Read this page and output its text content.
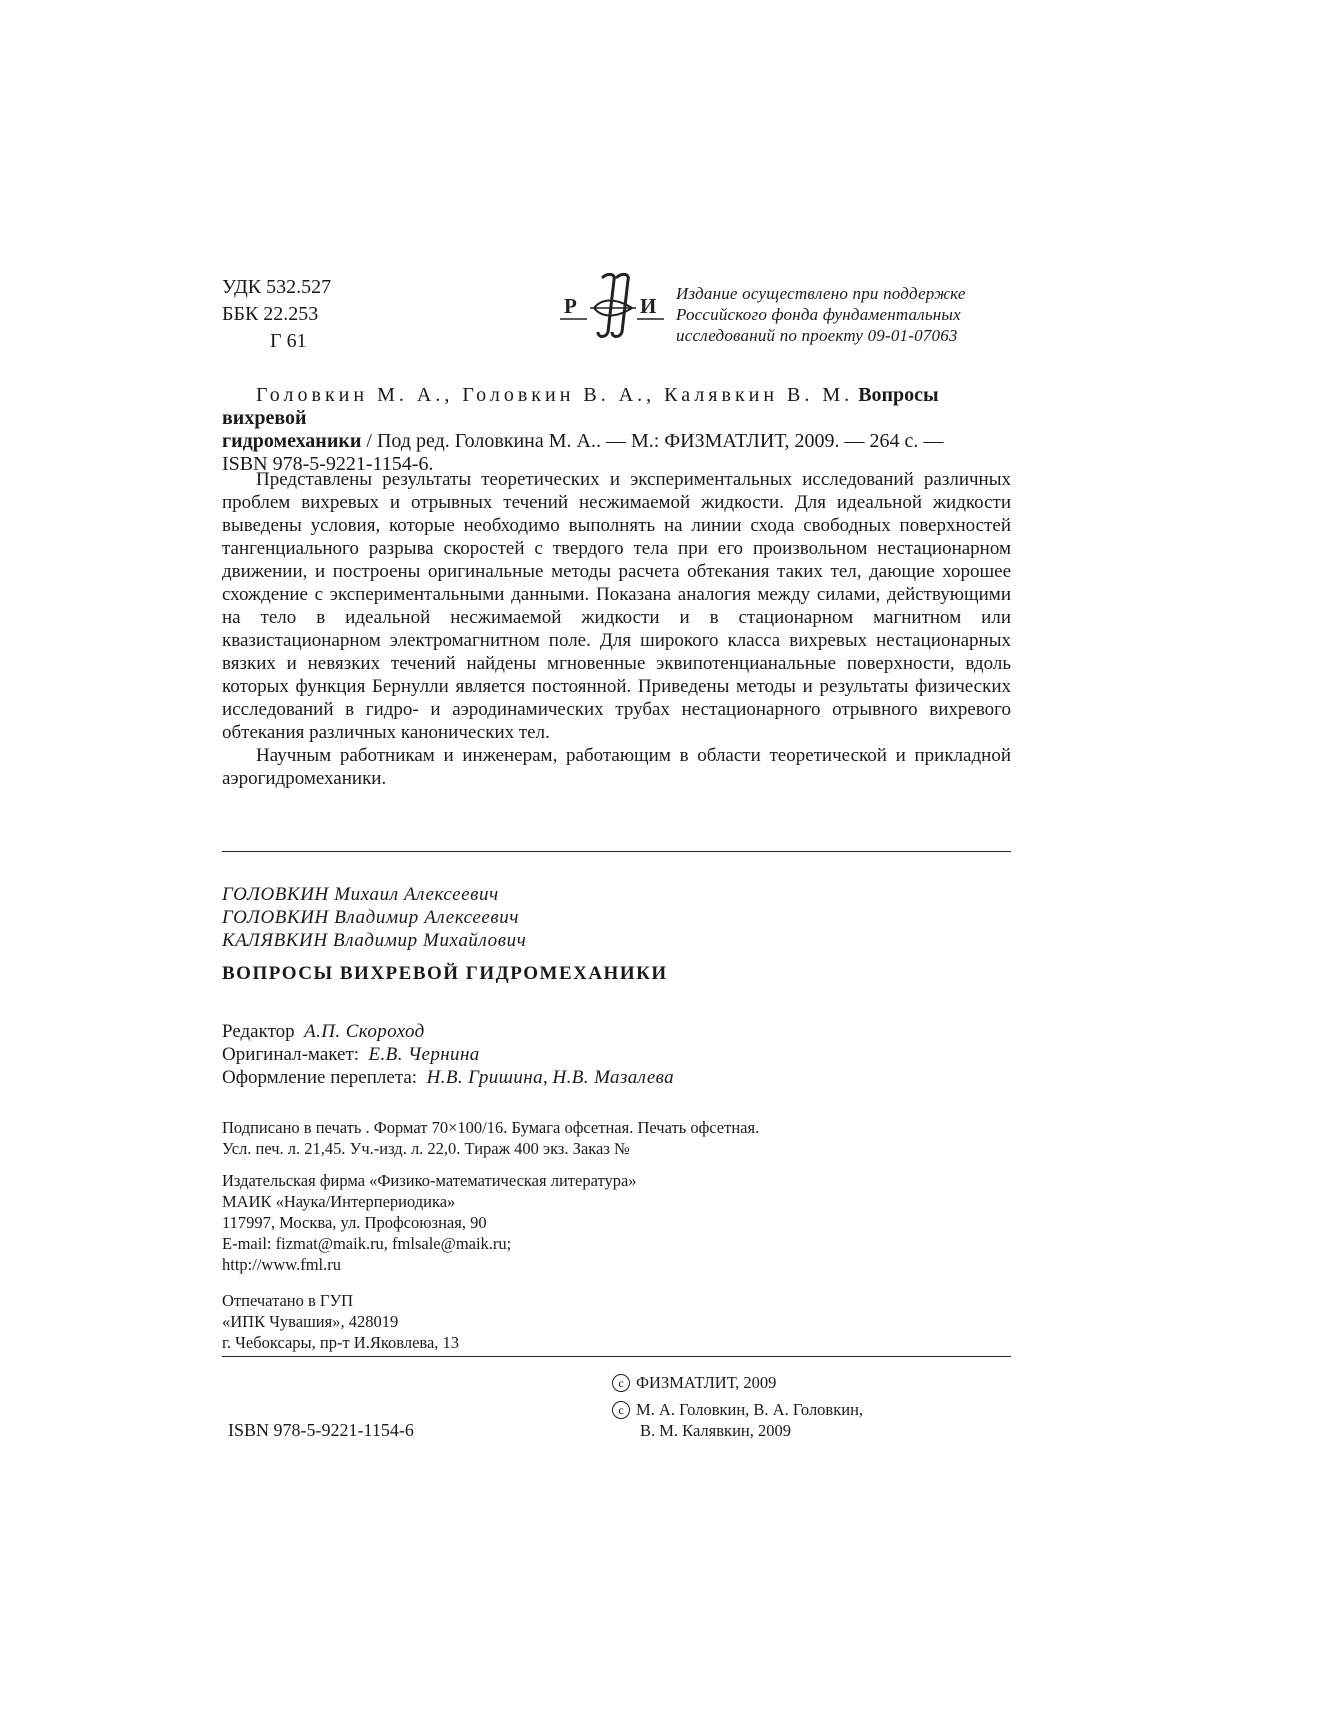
УДК 532.527
ББК 22.253
Г 61
Р	И
Издание осуществлено при поддержке
Российского фонда фундаментальных
исследований по проекту 09-01-07063
Головкин М. А., Головкин В. А., Калявкин В. М. Вопросы вихревой
гидромеханики / Под ред. Головкина М. А.. — М.: ФИЗМАТЛИТ, 2009. — 264 с. —
ISBN 978-5-9221-1154-6.

Представлены результаты теоретических и экспериментальных исследований различных проблем вихревых и отрывных течений несжимаемой жидкости. Для идеальной жидкости выведены условия, которые необходимо выполнять на линии схода свободных поверхностей тангенциального разрыва скоростей с твердого тела при его произвольном нестационарном движении, и построены оригинальные методы расчета обтекания таких тел, дающие хорошее схождение с экспериментальными данными. Показана аналогия между силами, действующими на тело в идеальной несжимаемой жидкости и в стационарном магнитном или квазистационарном электромагнитном поле. Для широкого класса вихревых нестационарных вязких и невязких течений найдены мгновенные эквипотенцианальные поверхности, вдоль которых функция Бернулли является постоянной. Приведены методы и результаты физических исследований в гидро- и аэродинамических трубах нестационарного отрывного вихревого обтекания различных канонических тел.

Научным работникам и инженерам, работающим в области теоретической и прикладной аэрогидромеханики.

ГОЛОВКИН Михаил Алексеевич
ГОЛОВКИН Владимир Алексеевич
КАЛЯВКИН Владимир Михайлович
ВОПРОСЫ ВИХРЕВОЙ ГИДРОМЕХАНИКИ
Редактор А.П. Скороход
Оригинал-макет: Е.В. Чернина
Оформление переплета: Н.В. Гришина, Н.В. Мазалева
Подписано в печать . Формат 70×100/16. Бумага офсетная. Печать офсетная.
Усл. печ. л. 21,45. Уч.-изд. л. 22,0. Тираж 400 экз. Заказ №
Издательская фирма «Физико-математическая литература»
МАИК «Наука/Интерпериодика»
117997, Москва, ул. Профсоюзная, 90
E-mail: fizmat@maik.ru, fmlsale@maik.ru;
http://www.fml.ru
Отпечатано в ГУП
«ИПК Чувашия», 428019
г. Чебоксары, пр-т И.Яковлева, 13
c ФИЗМАТЛИТ, 2009
c М. А. Головкин, В. А. Головкин,
В. М. Калявкин, 2009
ISBN 978-5-9221-1154-6
